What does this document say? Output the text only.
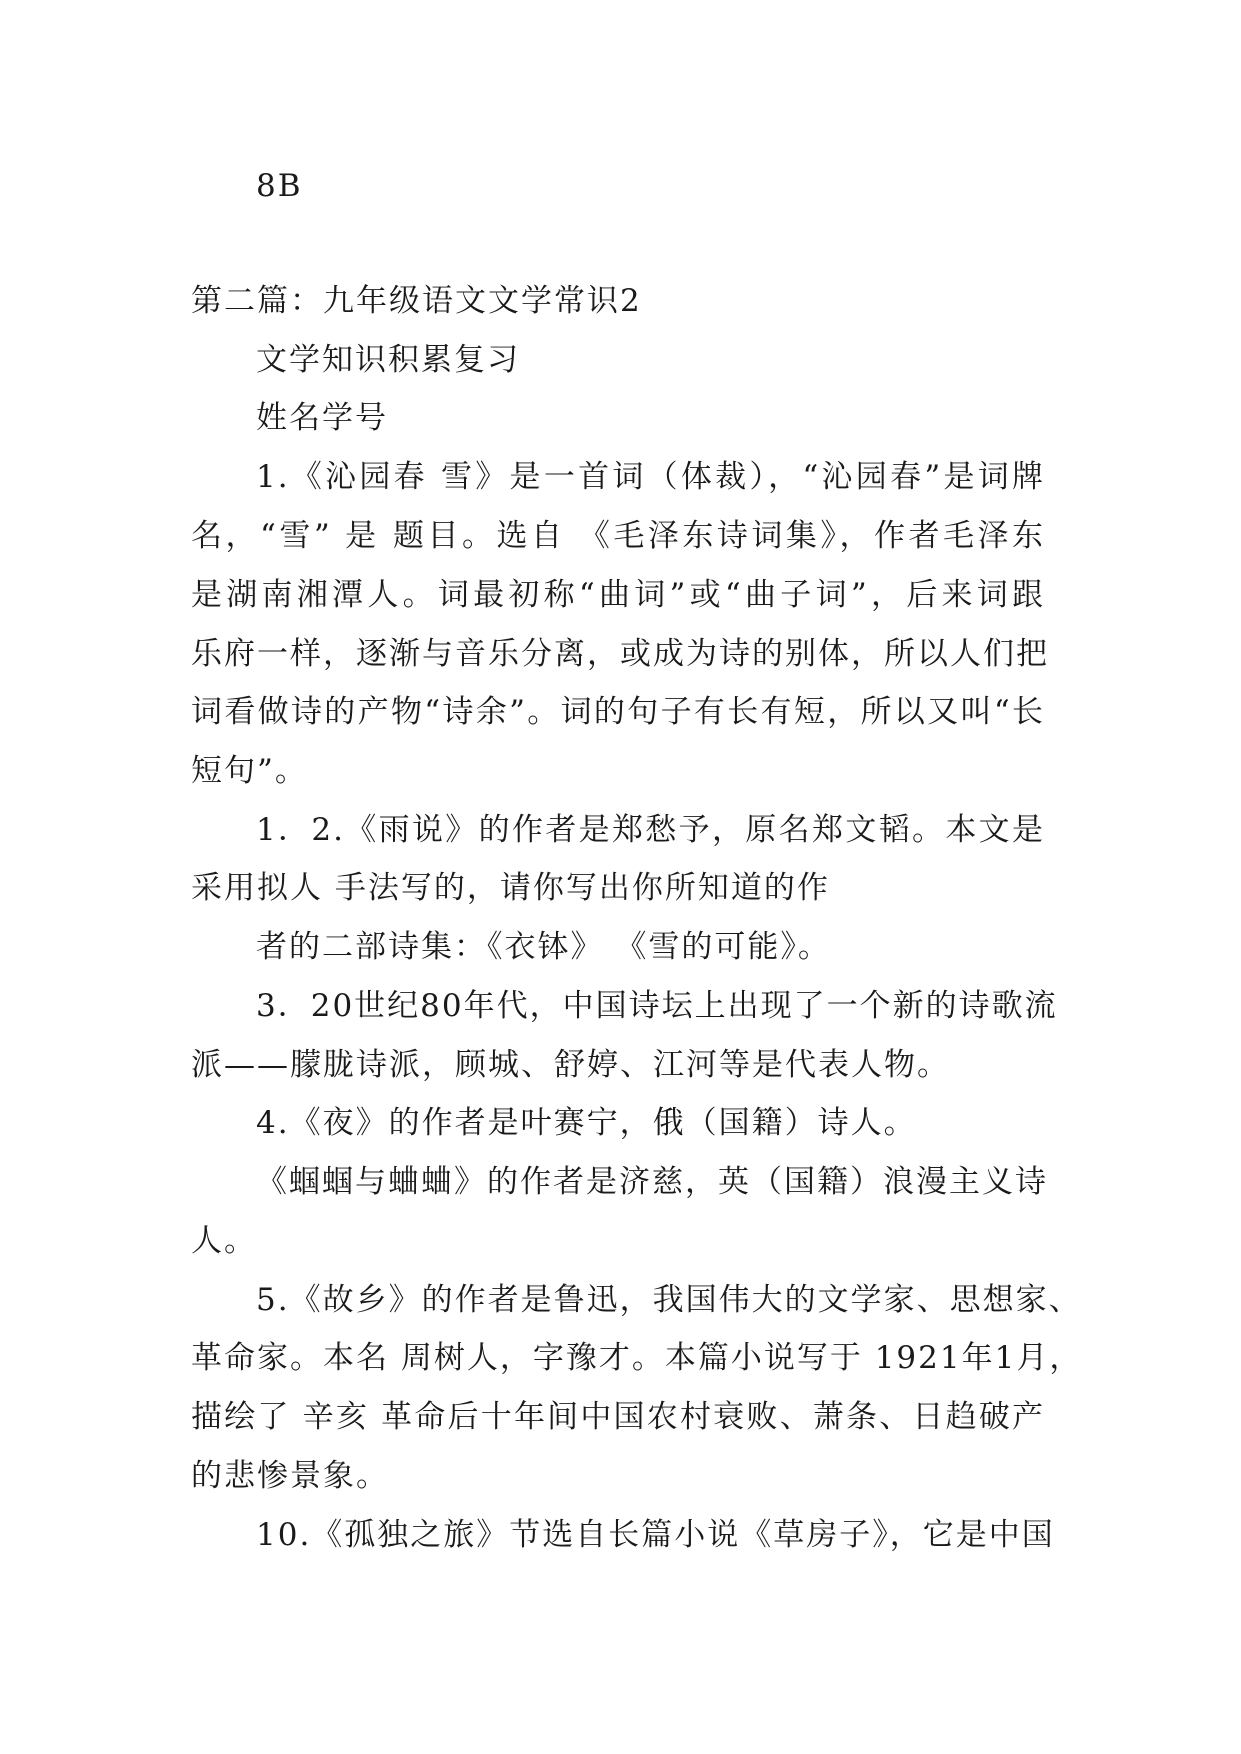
8B
第二篇：九年级语文文学常识2
文学知识积累复习
姓名学号
1.《沁园春 雪》是一首词（体裁），“沁园春”是词牌
名，“雪” 是 题目。选自 《毛泽东诗词集》，作者毛泽东
是湖南湘潭人。词最初称“曲词”或“曲子词”，后来词跟
乐府一样，逐渐与音乐分离，或成为诗的别体，所以人们把
词看做诗的产物“诗余”。词的句子有长有短，所以又叫“长
短句”。
1．2.《雨说》的作者是郑愁予，原名郑文韬。本文是
采用拟人 手法写的，请你写出你所知道的作
者的二部诗集：《衣钵》 《雪的可能》。
3．20世纪80年代，中国诗坛上出现了一个新的诗歌流
派——朦胧诗派，顾城、舒婷、江河等是代表人物。
4.《夜》的作者是叶赛宁，俄（国籍）诗人。
《蝈蝈与蛐蛐》的作者是济慈，英（国籍）浪漫主义诗
人。
5.《故乡》的作者是鲁迅，我国伟大的文学家、思想家、
革命家。本名 周树人，字豫才。本篇小说写于 1921年1月，
描绘了 辛亥 革命后十年间中国农村衰败、萧条、日趋破产
的悲惨景象。
10.《孤独之旅》节选自长篇小说《草房子》，它是中国
